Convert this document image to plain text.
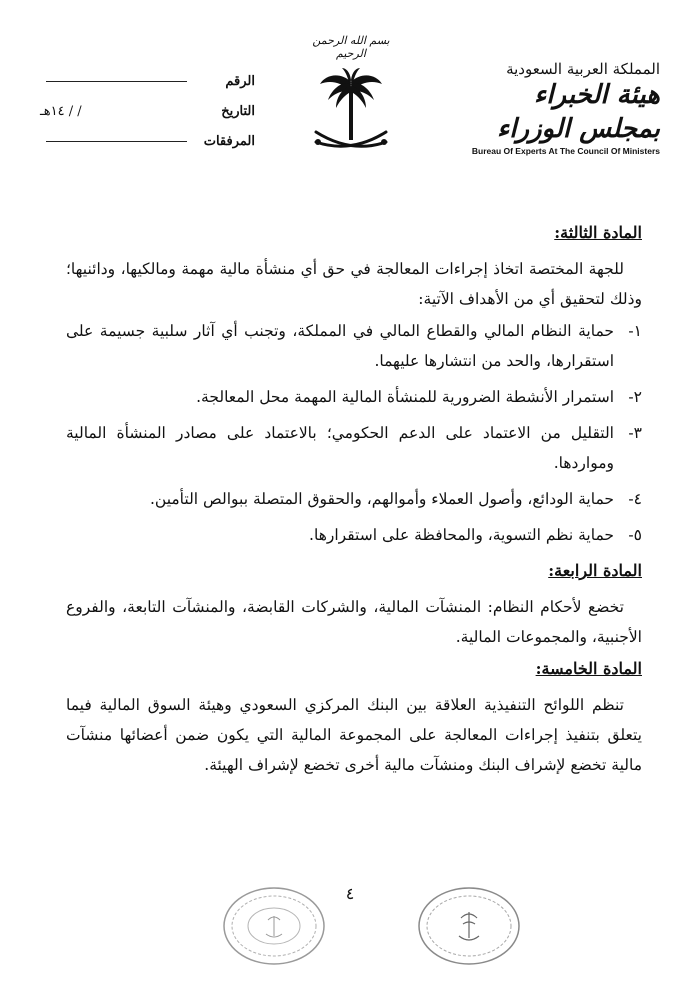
الرقم
التاريخ
/ / ١٤هـ
المرفقات
بسم الله الرحمن الرحيم
المملكة العربية السعودية
هيئة الخبراء بمجلس الوزراء
Bureau Of Experts At The Council Of Ministers
المادة الثالثة:

للجهة المختصة اتخاذ إجراءات المعالجة في حق أي منشأة مالية مهمة ومالكيها، ودائنيها؛ وذلك لتحقيق أي من الأهداف الآتية:

١-
حماية النظام المالي والقطاع المالي في المملكة، وتجنب أي آثار سلبية جسيمة على استقرارها، والحد من انتشارها عليهما.
٢-
استمرار الأنشطة الضرورية للمنشأة المالية المهمة محل المعالجة.
٣-
التقليل من الاعتماد على الدعم الحكومي؛ بالاعتماد على مصادر المنشأة المالية ومواردها.
٤-
حماية الودائع، وأصول العملاء وأموالهم، والحقوق المتصلة ببوالص التأمين.
٥-
حماية نظم التسوية، والمحافظة على استقرارها.
المادة الرابعة:

تخضع لأحكام النظام: المنشآت المالية، والشركات القابضة، والمنشآت التابعة، والفروع الأجنبية، والمجموعات المالية.

المادة الخامسة:

تنظم اللوائح التنفيذية العلاقة بين البنك المركزي السعودي وهيئة السوق المالية فيما يتعلق بتنفيذ إجراءات المعالجة على المجموعة المالية التي يكون ضمن أعضائها منشآت مالية تخضع لإشراف البنك ومنشآت مالية أخرى تخضع لإشراف الهيئة.

٤
